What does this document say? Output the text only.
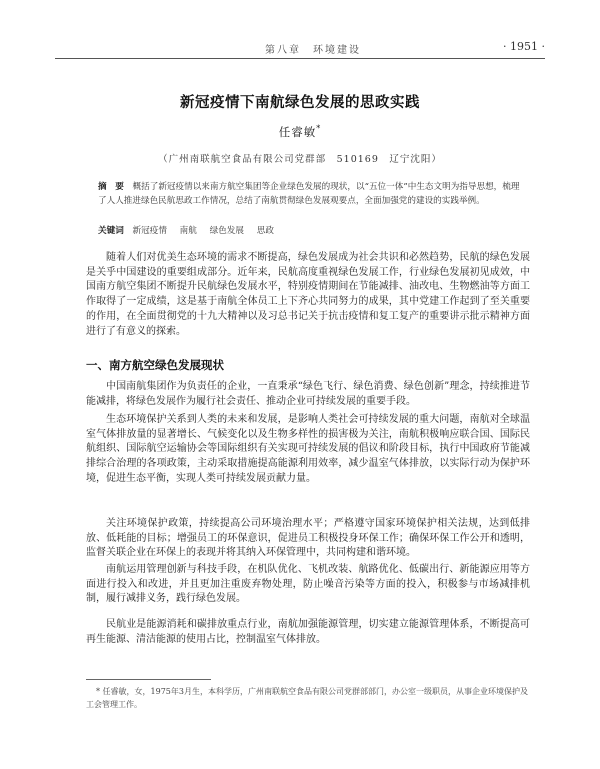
第八章　环境建设	· 1951 ·
新冠疫情下南航绿色发展的思政实践
任睿敏*
（广州南联航空食品有限公司党群部　510169　辽宁沈阳）
摘　要 概括了新冠疫情以来南方航空集团等企业绿色发展的现状，以“五位一体”中生态文明为指导思想，梳理了人人推进绿色民航思政工作情况，总结了南航贯彻绿色发展观要点，全面加强党的建设的实践举例。
关键词 新冠疫情 南航 绿色发展 思政

随着人们对优美生态环境的需求不断提高，绿色发展成为社会共识和必然趋势，民航的绿色发展是关乎中国建设的重要组成部分。近年来，民航高度重视绿色发展工作，行业绿色发展初见成效，中国南方航空集团不断提升民航绿色发展水平，特别疫情期间在节能减排、油改电、生物燃油等方面工作取得了一定成绩，这是基于南航全体员工上下齐心共同努力的成果，其中党建工作起到了至关重要的作用，在全面贯彻党的十九大精神以及习总书记关于抗击疫情和复工复产的重要讲示批示精神方面进行了有意义的探索。

一、南方航空绿色发展现状

中国南航集团作为负责任的企业，一直秉承“绿色飞行、绿色消费、绿色创新”理念，持续推进节能减排，将绿色发展作为履行社会责任、推动企业可持续发展的重要手段。

生态环境保护关系到人类的未来和发展，是影响人类社会可持续发展的重大问题，南航对全球温室气体排放量的显著增长、气候变化以及生物多样性的损害极为关注，南航积极响应联合国、国际民航组织、国际航空运输协会等国际组织有关实现可持续发展的倡议和阶段目标，执行中国政府节能减排综合治理的各项政策，主动采取措施提高能源利用效率，减少温室气体排放，以实际行动为保护环境，促进生态平衡，实现人类可持续发展贡献力量。

关注环境保护政策，持续提高公司环境治理水平；严格遵守国家环境保护相关法规，达到低排放、低耗能的目标；增强员工的环保意识，促进员工积极投身环保工作；确保环保工作公开和透明，监督关联企业在环保上的表现并将其纳入环保管理中，共同构建和谐环境。

南航运用管理创新与科技手段，在机队优化、飞机改装、航路优化、低碳出行、新能源应用等方面进行投入和改进，并且更加注重废弃物处理，防止噪音污染等方面的投入，积极参与市场减排机制，履行减排义务，践行绿色发展。

民航业是能源消耗和碳排放重点行业，南航加强能源管理，切实建立能源管理体系，不断提高可再生能源、清洁能源的使用占比，控制温室气体排放。

* 任睿敏，女，1975年3月生，本科学历，广州南联航空食品有限公司党群部部门，办公室一级职员，从事企业环境保护及工会管理工作。
